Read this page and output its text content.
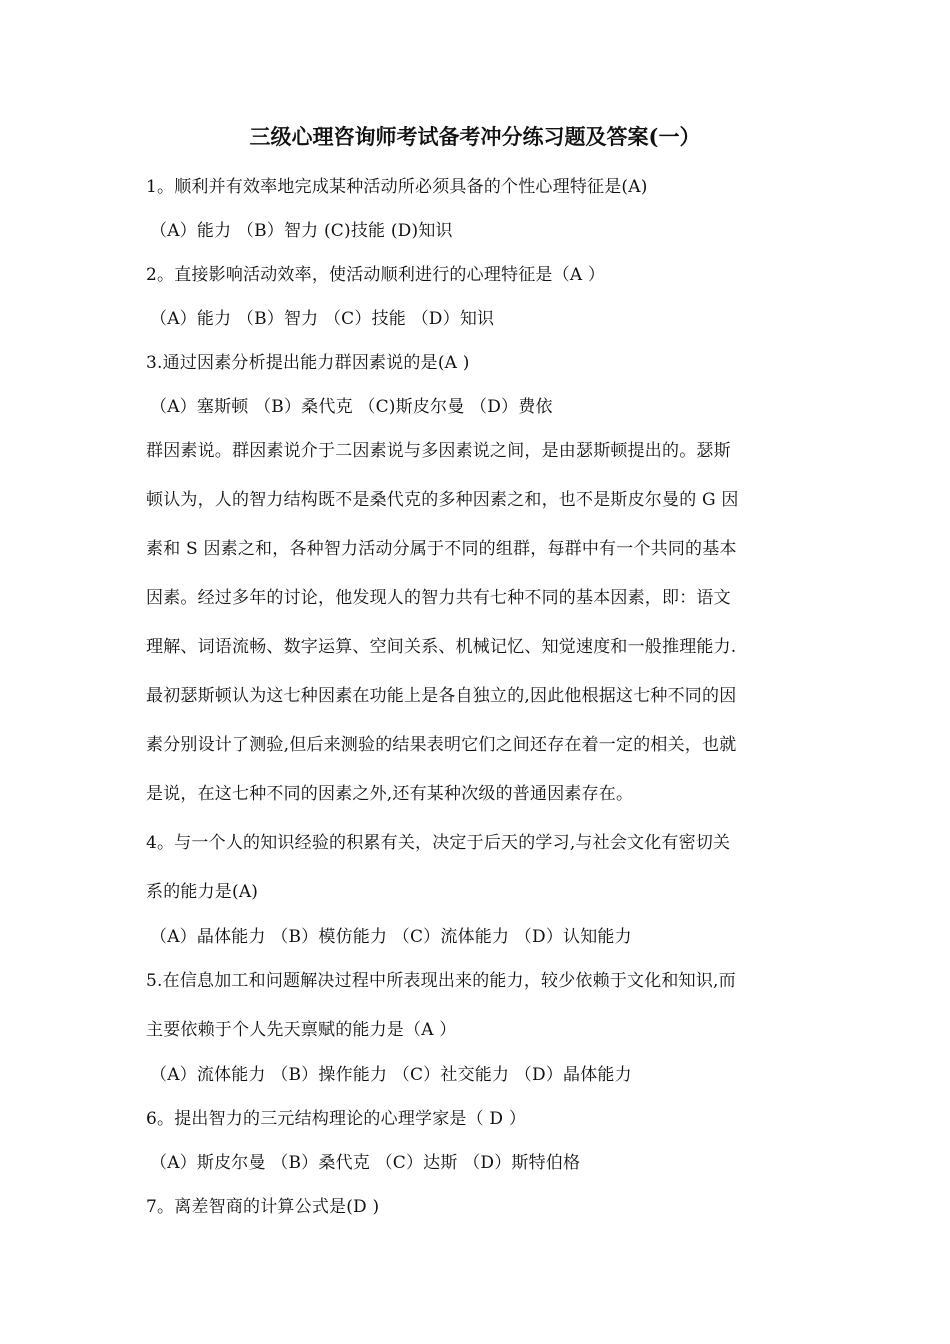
三级心理咨询师考试备考冲分练习题及答案(一）
1。顺利并有效率地完成某种活动所必须具备的个性心理特征是(A)
（A）能力 （B）智力 (C)技能 (D)知识
2。直接影响活动效率，使活动顺利进行的心理特征是（A ）
（A）能力 （B）智力 （C）技能 （D）知识
3.通过因素分析提出能力群因素说的是(A )
（A）塞斯顿 （B）桑代克 （C)斯皮尔曼 （D）费依
群因素说。群因素说介于二因素说与多因素说之间，是由瑟斯顿提出的。瑟斯
顿认为，人的智力结构既不是桑代克的多种因素之和，也不是斯皮尔曼的 G 因
素和 S 因素之和，各种智力活动分属于不同的组群，每群中有一个共同的基本
因素。经过多年的讨论，他发现人的智力共有七种不同的基本因素，即：语文
理解、词语流畅、数字运算、空间关系、机械记忆、知觉速度和一般推理能力.
最初瑟斯顿认为这七种因素在功能上是各自独立的,因此他根据这七种不同的因
素分别设计了测验,但后来测验的结果表明它们之间还存在着一定的相关，也就
是说，在这七种不同的因素之外,还有某种次级的普通因素存在。
4。与一个人的知识经验的积累有关，决定于后天的学习,与社会文化有密切关
系的能力是(A)
（A）晶体能力 （B）模仿能力 （C）流体能力 （D）认知能力
5.在信息加工和问题解决过程中所表现出来的能力，较少依赖于文化和知识,而
主要依赖于个人先天禀赋的能力是（A ）
（A）流体能力 （B）操作能力 （C）社交能力 （D）晶体能力
6。提出智力的三元结构理论的心理学家是（ D ）
（A）斯皮尔曼 （B）桑代克 （C）达斯 （D）斯特伯格
7。离差智商的计算公式是(D )
